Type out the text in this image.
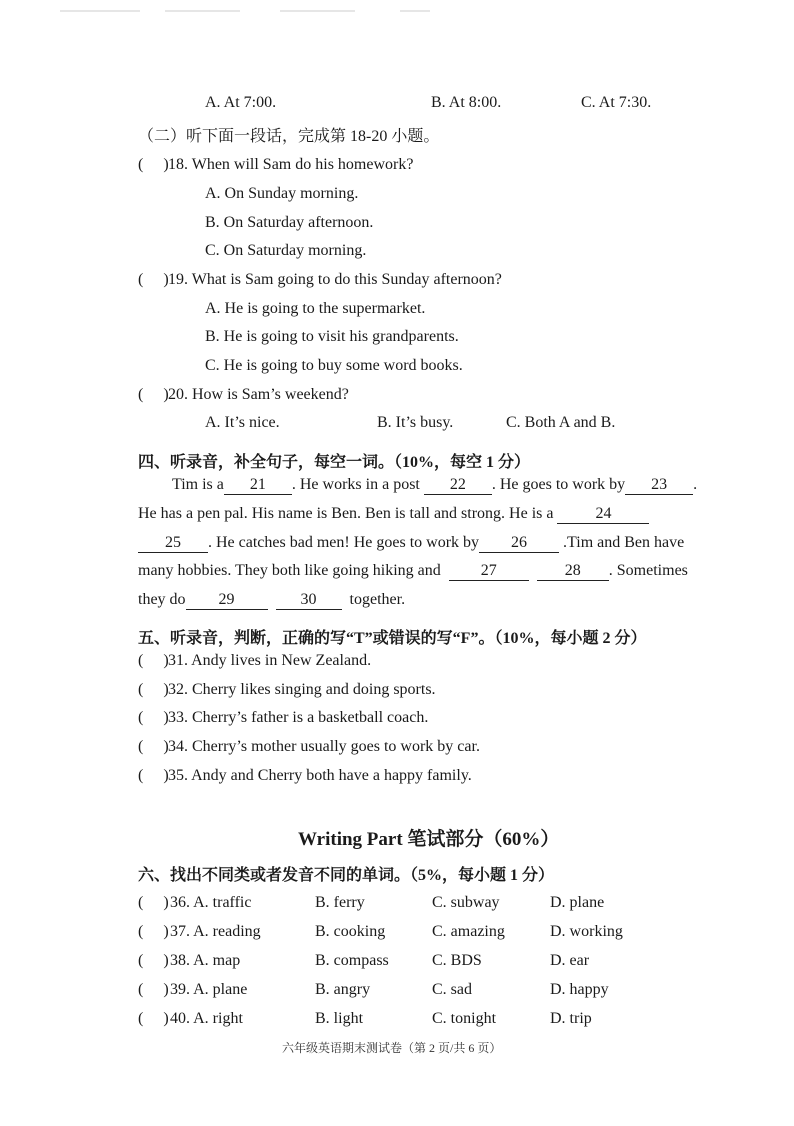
A. At 7:00.	B. At 8:00.	C. At 7:30.
（二）听下面一段话，完成第 18-20 小题。
(     )18. When will Sam do his homework?
A. On Sunday morning.
B. On Saturday afternoon.
C. On Saturday morning.
(     )19. What is Sam going to do this Sunday afternoon?
A. He is going to the supermarket.
B. He is going to visit his grandparents.
C. He is going to buy some word books.
(     )20. How is Sam’s weekend?
A. It’s nice.	B. It’s busy.	C. Both A and B.
四、听录音，补全句子，每空一词。（10%，每空 1 分）
Tim is a 21 . He works in a post 22 . He goes to work by 23 .
He has a pen pal. His name is Ben. Ben is tall and strong. He is a	24
25 . He catches bad men! He goes to work by 26 .Tim and Ben have
many hobbies. They both like going hiking and	27	28 . Sometimes
they do 29	30 together.
五、听录音，判断，正确的写“T”或错误的写“F”。（10%，每小题 2 分）
(     )31. Andy lives in New Zealand.
(     )32. Cherry likes singing and doing sports.
(     )33. Cherry’s father is a basketball coach.
(     )34. Cherry’s mother usually goes to work by car.
(     )35. Andy and Cherry both have a happy family.
Writing Part 笔试部分（60%）
六、找出不同类或者发音不同的单词。（5%，每小题 1 分）
(     ) 36. A. traffic	B. ferry	C. subway	D. plane
(     ) 37. A. reading	B. cooking	C. amazing	D. working
(     ) 38. A. map	B. compass	C. BDS	D. ear
(     ) 39. A. plane	B. angry	C. sad	D. happy
(     ) 40. A. right	B. light	C. tonight	D. trip
六年级英语期末测试卷（第 2 页/共 6 页）
